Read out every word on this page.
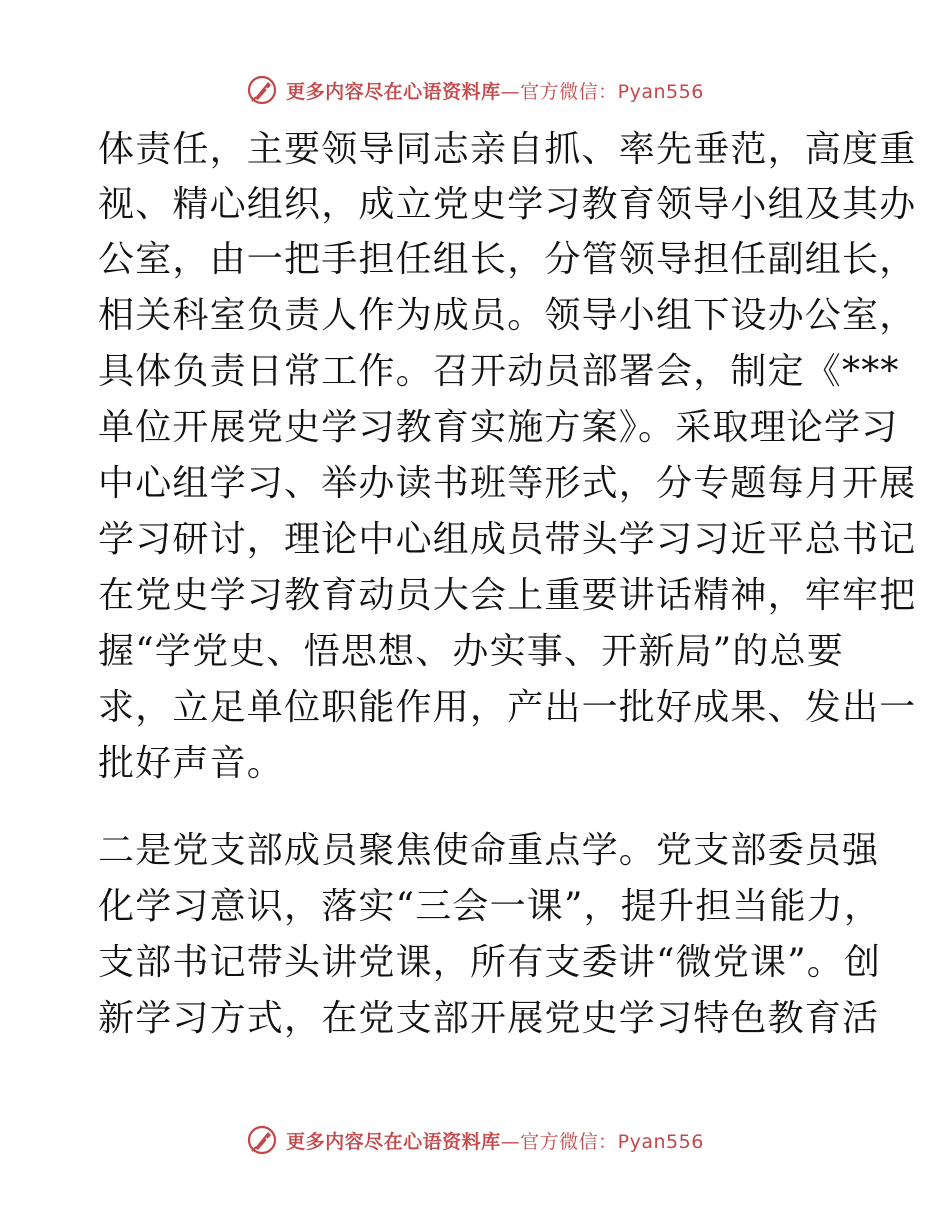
更多内容尽在心语资料库—官方微信：Pyan556
体责任，主要领导同志亲自抓、率先垂范，高度重
视、精心组织，成立党史学习教育领导小组及其办
公室，由一把手担任组长，分管领导担任副组长，
相关科室负责人作为成员。领导小组下设办公室，
具体负责日常工作。召开动员部署会，制定《***
单位开展党史学习教育实施方案》。采取理论学习
中心组学习、举办读书班等形式，分专题每月开展
学习研讨，理论中心组成员带头学习习近平总书记
在党史学习教育动员大会上重要讲话精神，牢牢把
握“学党史、悟思想、办实事、开新局”的总要
求，立足单位职能作用，产出一批好成果、发出一
批好声音。
二是党支部成员聚焦使命重点学。党支部委员强
化学习意识，落实“三会一课”，提升担当能力，
支部书记带头讲党课，所有支委讲“微党课”。创
新学习方式，在党支部开展党史学习特色教育活
更多内容尽在心语资料库—官方微信：Pyan556
